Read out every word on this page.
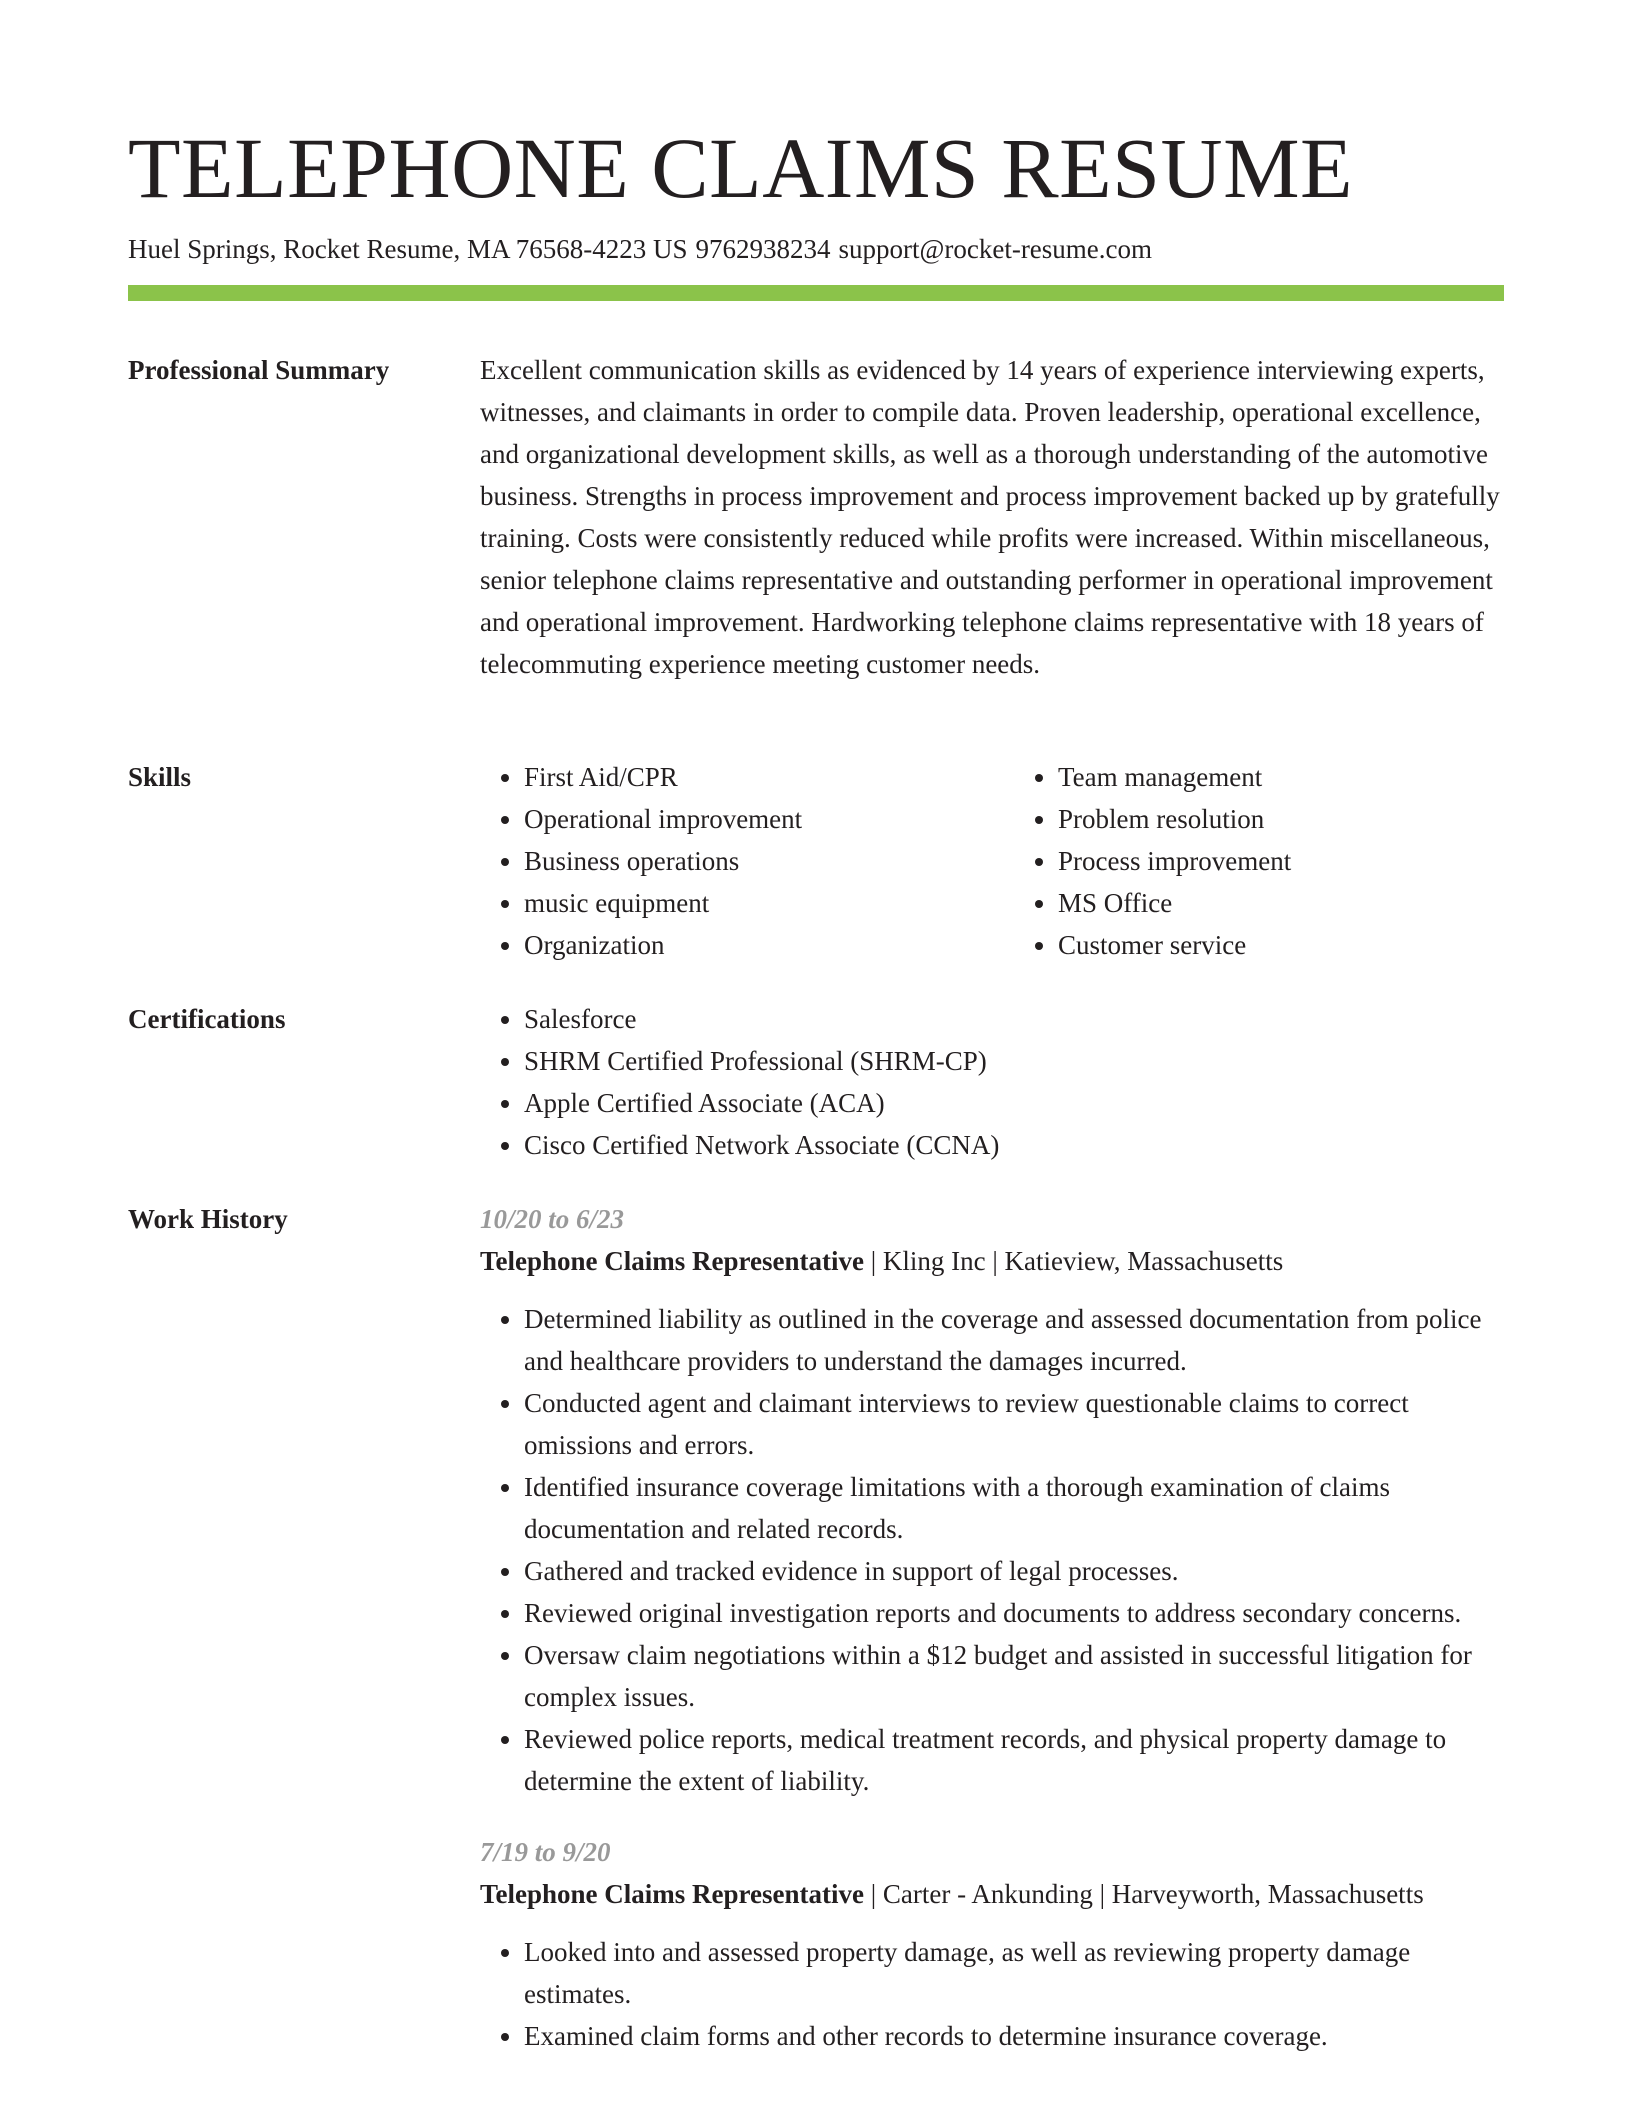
TELEPHONE CLAIMS RESUME
Huel Springs, Rocket Resume, MA 76568-4223 US 9762938234 support@rocket-resume.com
Professional Summary	Excellent communication skills as evidenced by 14 years of experience interviewing experts, witnesses, and claimants in order to compile data. Proven leadership, operational excellence, and organizational development skills, as well as a thorough understanding of the automotive business. Strengths in process improvement and process improvement backed up by gratefully training. Costs were consistently reduced while profits were increased. Within miscellaneous, senior telephone claims representative and outstanding performer in operational improvement and operational improvement. Hardworking telephone claims representative with 18 years of telecommuting experience meeting customer needs.

Skills	• First Aid/CPR
• Operational improvement
• Business operations
• music equipment
• Organization
• Team management
• Problem resolution
• Process improvement
• MS Office
• Customer service
Certifications	• Salesforce
• SHRM Certified Professional (SHRM-CP)
• Apple Certified Associate (ACA)
• Cisco Certified Network Associate (CCNA)
Work History	10/20 to 6/23
Telephone Claims Representative | Kling Inc | Katieview, Massachusetts
• Determined liability as outlined in the coverage and assessed documentation from police and healthcare providers to understand the damages incurred.
• Conducted agent and claimant interviews to review questionable claims to correct omissions and errors.
• Identified insurance coverage limitations with a thorough examination of claims documentation and related records.
• Gathered and tracked evidence in support of legal processes.
• Reviewed original investigation reports and documents to address secondary concerns.
• Oversaw claim negotiations within a $12 budget and assisted in successful litigation for complex issues.
• Reviewed police reports, medical treatment records, and physical property damage to determine the extent of liability.
7/19 to 9/20
Telephone Claims Representative | Carter - Ankunding | Harveyworth, Massachusetts
• Looked into and assessed property damage, as well as reviewing property damage estimates.
• Examined claim forms and other records to determine insurance coverage.
